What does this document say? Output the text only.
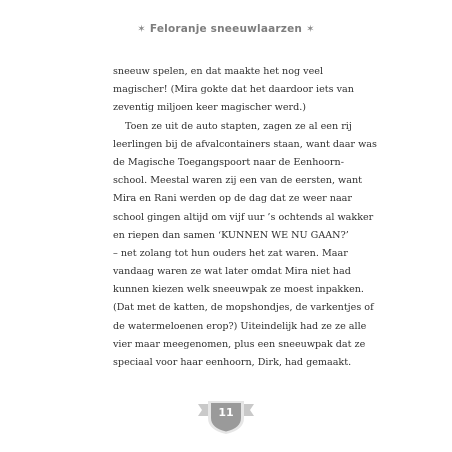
✶ Feloranje sneeuwlaarzen ✶
sneeuw spelen, en dat maakte het nog veel
magischer! (Mira gokte dat het daardoor iets van
zeventig miljoen keer magischer werd.)
Toen ze uit de auto stapten, zagen ze al een rij
leerlingen bij de afvalcontainers staan, want daar was
de Magische Toegangspoort naar de Eenhoorn-
school. Meestal waren zij een van de eersten, want
Mira en Rani werden op de dag dat ze weer naar
school gingen altijd om vijf uur ’s ochtends al wakker
en riepen dan samen ‘KUNNEN WE NU GAAN?’
– net zolang tot hun ouders het zat waren. Maar
vandaag waren ze wat later omdat Mira niet had
kunnen kiezen welk sneeuwpak ze moest inpakken.
(Dat met de katten, de mopshondjes, de varkentjes of
de watermeloenen erop?) Uiteindelijk had ze ze alle
vier maar meegenomen, plus een sneeuwpak dat ze
speciaal voor haar eenhoorn, Dirk, had gemaakt.
11
